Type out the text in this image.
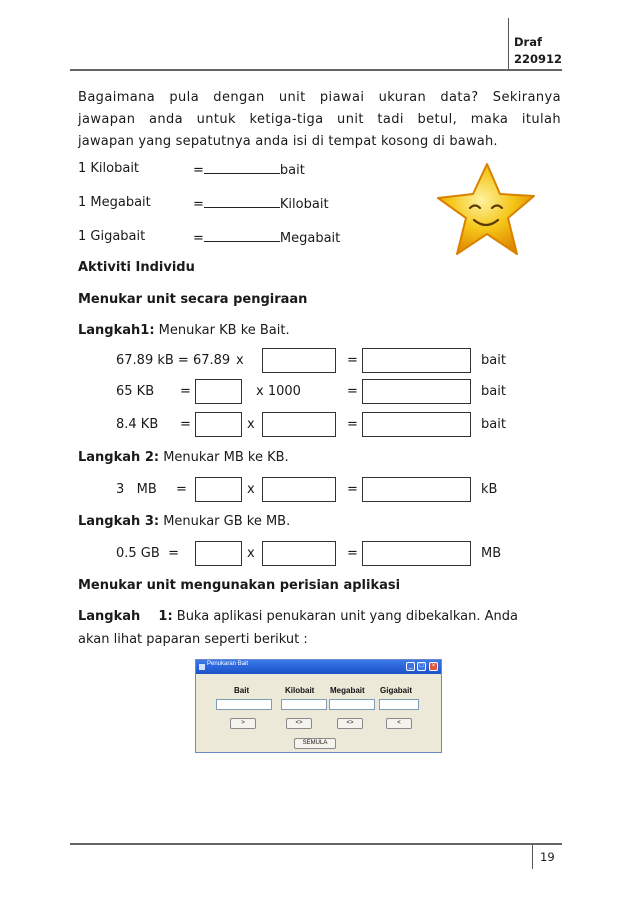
Draf
220912
Bagaimana pula dengan unit piawai ukuran data? Sekiranya
jawapan anda untuk ketiga-tiga unit tadi betul, maka itulah
jawapan yang sepatutnya anda isi di tempat kosong di bawah.
1 Kilobait	=	bait
1 Megabait	=	Kilobait
1 Gigabait	=	Megabait
Aktiviti Individu
Menukar unit secara pengiraan
Langkah1: Menukar KB ke Bait.
67.89 kB = 67.89 x	=	bait
65 KB =	x 1000	=	bait
8.4 KB =	x	=	bait
Langkah 2: Menukar MB ke KB.
3   MB =	x	=	kB
Langkah 3: Menukar GB ke MB.
0.5 GB  =	x	=	MB
Menukar unit mengunakan perisian aplikasi
Langkah    1: Buka aplikasi penukaran unit yang dibekalkan. Anda
akan lihat paparan seperti berikut :
Penukaran Bait	_	□	×
Bait	Kilobait Megabait Gigabait
>	<>	<>	<
SEMULA
19
